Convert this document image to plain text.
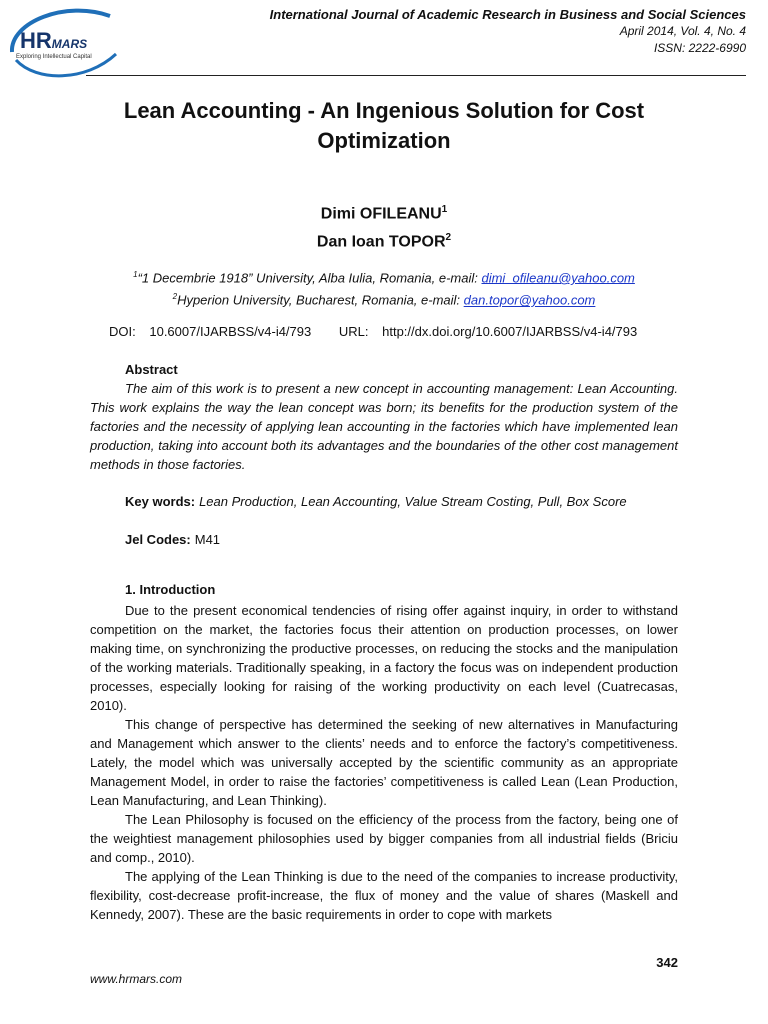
HRMARS
Exploring Intellectual Capital
International Journal of Academic Research in Business and Social Sciences
April 2014, Vol. 4, No. 4
ISSN: 2222-6990
Lean Accounting - An Ingenious Solution for Cost Optimization
Dimi OFILEANU$^1$
Dan Ioan TOPOR$^2$
$^1$“1 Decembrie 1918” University, Alba Iulia, Romania, e-mail: dimi_ofileanu@yahoo.com
$^2$Hyperion University, Bucharest, Romania, e-mail: dan.topor@yahoo.com
DOI: 10.6007/IJARBSS/v4-i4/793 URL: http://dx.doi.org/10.6007/IJARBSS/v4-i4/793
Abstract

The aim of this work is to present a new concept in accounting management: Lean Accounting. This work explains the way the lean concept was born; its benefits for the production system of the factories and the necessity of applying lean accounting in the factories which have implemented lean production, taking into account both its advantages and the boundaries of the other cost management methods in those factories.

Key words: Lean Production, Lean Accounting, Value Stream Costing, Pull, Box Score
Jel Codes: M41
1. Introduction

Due to the present economical tendencies of rising offer against inquiry, in order to withstand competition on the market, the factories focus their attention on production processes, on lower making time, on synchronizing the productive processes, on reducing the stocks and the manipulation of the working materials. Traditionally speaking, in a factory the focus was on independent production processes, especially looking for raising of the working productivity on each level (Cuatrecasas, 2010).

This change of perspective has determined the seeking of new alternatives in Manufacturing and Management which answer to the clients’ needs and to enforce the factory’s competitiveness. Lately, the model which was universally accepted by the scientific community as an appropriate Management Model, in order to raise the factories’ competitiveness is called Lean (Lean Production, Lean Manufacturing, and Lean Thinking).

The Lean Philosophy is focused on the efficiency of the process from the factory, being one of the weightiest management philosophies used by bigger companies from all industrial fields (Briciu and comp., 2010).

The applying of the Lean Thinking is due to the need of the companies to increase productivity, flexibility, cost-decrease profit-increase, the flux of money and the value of shares (Maskell and Kennedy, 2007). These are the basic requirements in order to cope with markets

342
www.hrmars.com
